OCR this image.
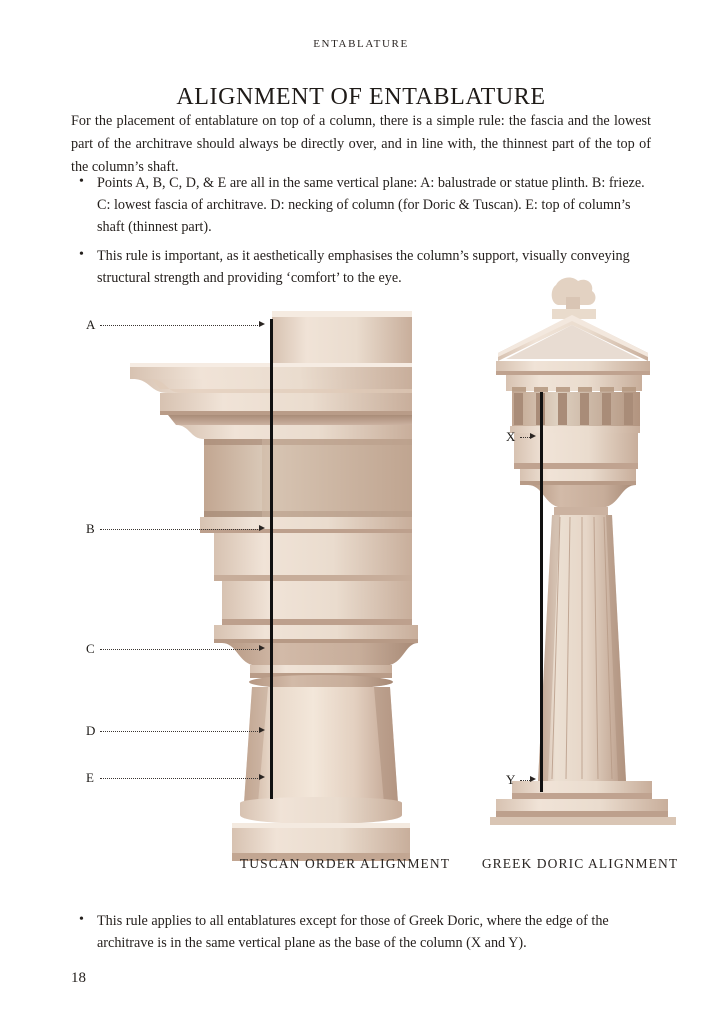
ENTABLATURE
ALIGNMENT OF ENTABLATURE
For the placement of entablature on top of a column, there is a simple rule: the fascia and the lowest part of the architrave should always be directly over, and in line with, the thinnest part of the top of the column’s shaft.
• Points A, B, C, D, & E are all in the same vertical plane: A: balustrade or statue plinth. B: frieze. C: lowest fascia of architrave. D: necking of column (for Doric & Tuscan). E: top of column’s shaft (thinnest part).
• This rule is important, as it aesthetically emphasises the column’s support, visually conveying structural strength and providing ‘comfort’ to the eye.
A
B
C
D
E
X
Y
TUSCAN ORDER ALIGNMENT	GREEK DORIC ALIGNMENT
• This rule applies to all entablatures except for those of Greek Doric, where the edge of the architrave is in the same vertical plane as the base of the column (X and Y).
18
